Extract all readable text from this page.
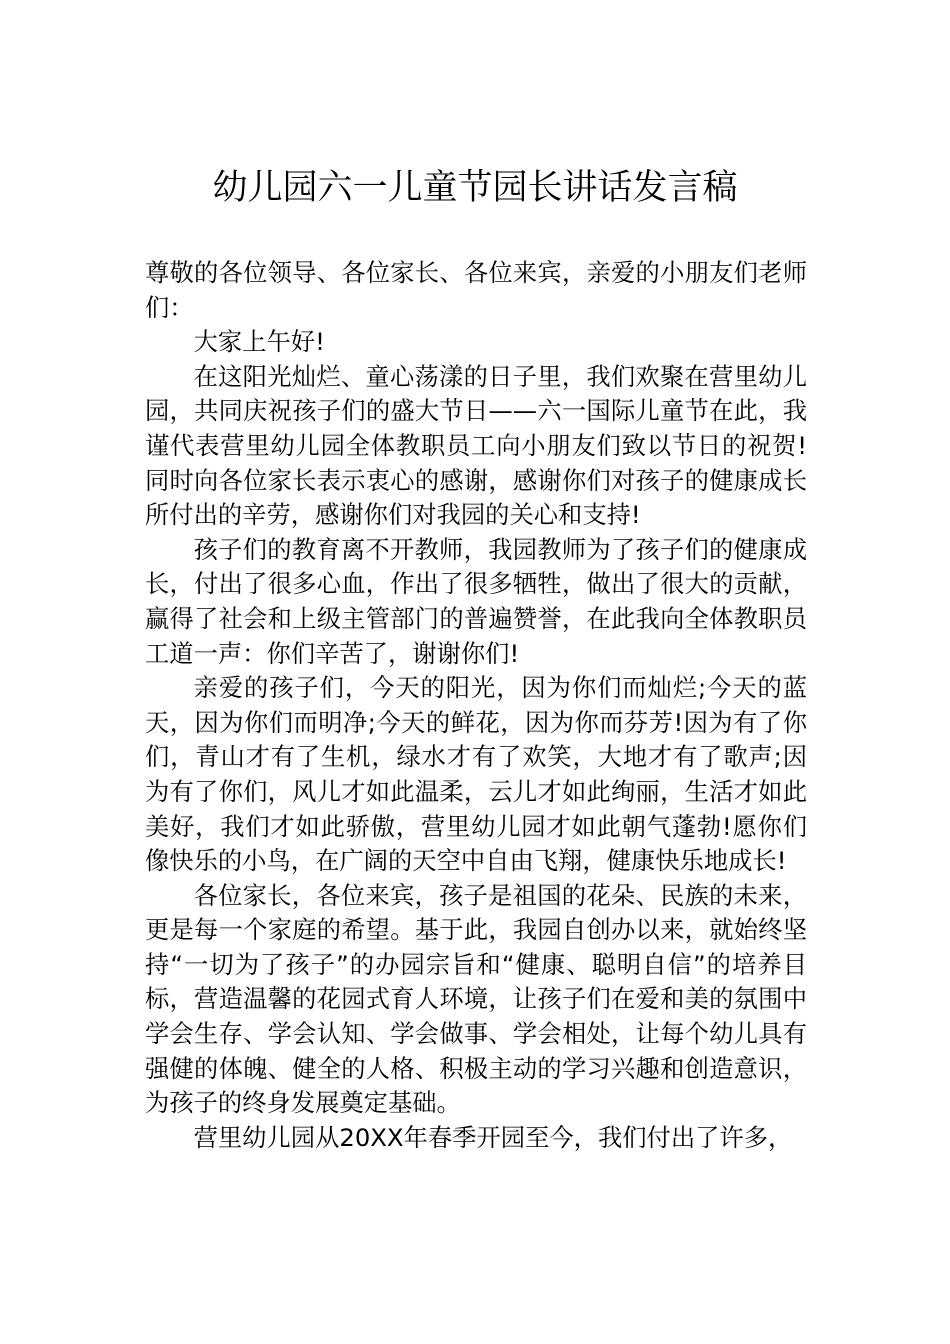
幼儿园六一儿童节园长讲话发言稿

尊敬的各位领导、各位家长、各位来宾，亲爱的小朋友们老师们：

大家上午好!

在这阳光灿烂、童心荡漾的日子里，我们欢聚在营里幼儿园，共同庆祝孩子们的盛大节日——六一国际儿童节在此，我谨代表营里幼儿园全体教职员工向小朋友们致以节日的祝贺!同时向各位家长表示衷心的感谢，感谢你们对孩子的健康成长所付出的辛劳，感谢你们对我园的关心和支持!

孩子们的教育离不开教师，我园教师为了孩子们的健康成长，付出了很多心血，作出了很多牺牲，做出了很大的贡献，赢得了社会和上级主管部门的普遍赞誉，在此我向全体教职员工道一声：你们辛苦了，谢谢你们!

亲爱的孩子们，今天的阳光，因为你们而灿烂;今天的蓝天，因为你们而明净;今天的鲜花，因为你而芬芳!因为有了你们，青山才有了生机，绿水才有了欢笑，大地才有了歌声;因为有了你们，风儿才如此温柔，云儿才如此绚丽，生活才如此美好，我们才如此骄傲，营里幼儿园才如此朝气蓬勃!愿你们像快乐的小鸟，在广阔的天空中自由飞翔，健康快乐地成长!

各位家长，各位来宾，孩子是祖国的花朵、民族的未来，更是每一个家庭的希望。基于此，我园自创办以来，就始终坚持“一切为了孩子”的办园宗旨和“健康、聪明自信”的培养目标，营造温馨的花园式育人环境，让孩子们在爱和美的氛围中学会生存、学会认知、学会做事、学会相处，让每个幼儿具有强健的体魄、健全的人格、积极主动的学习兴趣和创造意识，为孩子的终身发展奠定基础。

营里幼儿园从20XX年春季开园至今，我们付出了许多，
